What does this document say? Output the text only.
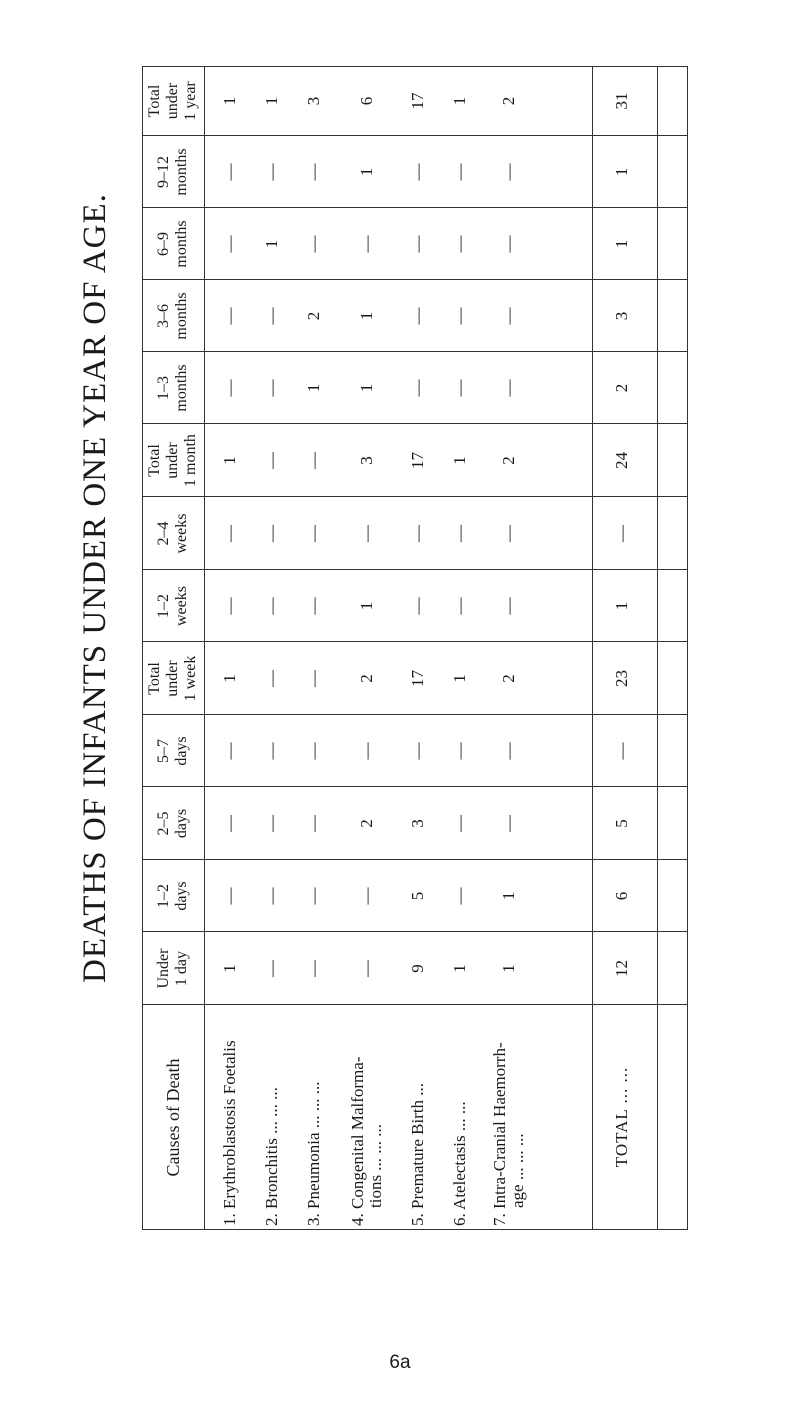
DEATHS OF INFANTS UNDER ONE YEAR OF AGE.
Causes of Death
Under 1 day
1–2 days
2–5 days
5–7 days
Total under 1 week
1–2 weeks
2–4 weeks
Total under 1 month
1–3 months
3–6 months
6–9 months
9–12 months
Total under 1 year
1. Erythroblastosis Foetalis
1
—
—
—
1
—
—
1
—
—
—
—
1
2. Bronchitis ... ... ...
—
—
—
—
—
—
—
—
—
—
1
—
1
3. Pneumonia ... ... ...
—
—
—
—
—
—
—
—
1
2
—
—
3
4. Congenital Malforma- tions ... ... ...
—
—
2
—
2
1
—
3
1
1
—
1
6
5. Premature Birth ...
9
5
3
—
17
—
—
17
—
—
—
—
17
6. Atelectasis ... ...
1
—
—
—
1
—
—
1
—
—
—
—
1
7. Intra-Cranial Haemorrh- age ... ... ...
1
1
—
—
2
—
—
2
—
—
—
—
2
TOTAL ... ...
12
6
5
—
23
1
—
24
2
3
1
1
31
6a
